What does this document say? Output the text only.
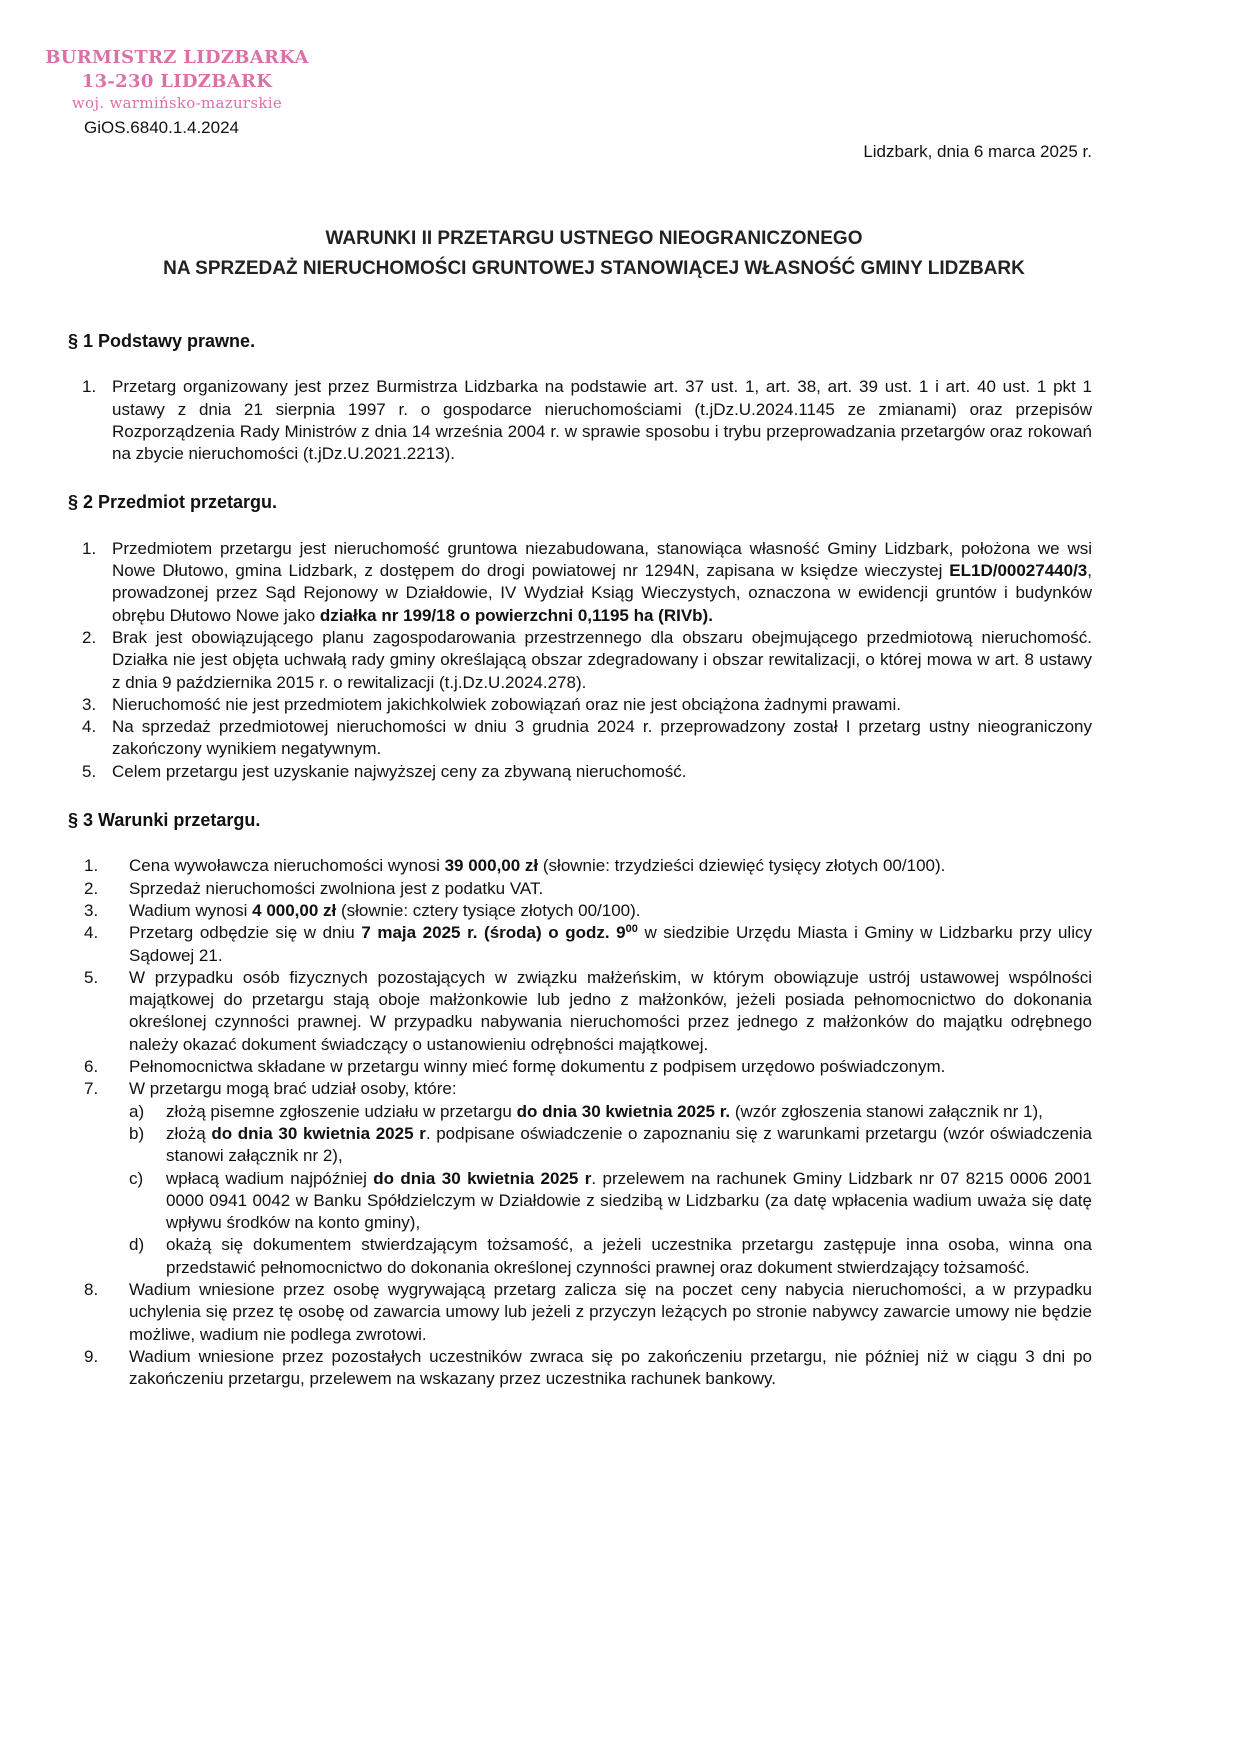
BURMISTRZ LIDZBARKA
13-230 LIDZBARK
woj. warmińsko-mazurskie
GiOS.6840.1.4.2024
Lidzbark, dnia 6 marca 2025 r.
WARUNKI II PRZETARGU USTNEGO NIEOGRANICZONEGO
NA SPRZEDAŻ NIERUCHOMOŚCI GRUNTOWEJ STANOWIĄCEJ WŁASNOŚĆ GMINY LIDZBARK
§ 1 Podstawy prawne.
1. Przetarg organizowany jest przez Burmistrza Lidzbarka na podstawie art. 37 ust. 1, art. 38, art. 39 ust. 1 i art. 40 ust. 1 pkt 1 ustawy z dnia 21 sierpnia 1997 r. o gospodarce nieruchomościami (t.jDz.U.2024.1145 ze zmianami) oraz przepisów Rozporządzenia Rady Ministrów z dnia 14 września 2004 r. w sprawie sposobu i trybu przeprowadzania przetargów oraz rokowań na zbycie nieruchomości (t.jDz.U.2021.2213).
§ 2 Przedmiot przetargu.
1. Przedmiotem przetargu jest nieruchomość gruntowa niezabudowana, stanowiąca własność Gminy Lidzbark, położona we wsi Nowe Dłutowo, gmina Lidzbark, z dostępem do drogi powiatowej nr 1294N, zapisana w księdze wieczystej EL1D/00027440/3, prowadzonej przez Sąd Rejonowy w Działdowie, IV Wydział Ksiąg Wieczystych, oznaczona w ewidencji gruntów i budynków obrębu Dłutowo Nowe jako działka nr 199/18 o powierzchni 0,1195 ha (RIVb).
2. Brak jest obowiązującego planu zagospodarowania przestrzennego dla obszaru obejmującego przedmiotową nieruchomość. Działka nie jest objęta uchwałą rady gminy określającą obszar zdegradowany i obszar rewitalizacji, o której mowa w art. 8 ustawy z dnia 9 października 2015 r. o rewitalizacji (t.j.Dz.U.2024.278).
3. Nieruchomość nie jest przedmiotem jakichkolwiek zobowiązań oraz nie jest obciążona żadnymi prawami.
4. Na sprzedaż przedmiotowej nieruchomości w dniu 3 grudnia 2024 r. przeprowadzony został I przetarg ustny nieograniczony zakończony wynikiem negatywnym.
5. Celem przetargu jest uzyskanie najwyższej ceny za zbywaną nieruchomość.
§ 3 Warunki przetargu.
1. Cena wywoławcza nieruchomości wynosi 39 000,00 zł (słownie: trzydzieści dziewięć tysięcy złotych 00/100).
2. Sprzedaż nieruchomości zwolniona jest z podatku VAT.
3. Wadium wynosi 4 000,00 zł (słownie: cztery tysiące złotych 00/100).
4. Przetarg odbędzie się w dniu 7 maja 2025 r. (środa) o godz. $9^{00}$ w siedzibie Urzędu Miasta i Gminy w Lidzbarku przy ulicy Sądowej 21.
5. W przypadku osób fizycznych pozostających w związku małżeńskim, w którym obowiązuje ustrój ustawowej wspólności majątkowej do przetargu stają oboje małżonkowie lub jedno z małżonków, jeżeli posiada pełnomocnictwo do dokonania określonej czynności prawnej. W przypadku nabywania nieruchomości przez jednego z małżonków do majątku odrębnego należy okazać dokument świadczący o ustanowieniu odrębności majątkowej.
6. Pełnomocnictwa składane w przetargu winny mieć formę dokumentu z podpisem urzędowo poświadczonym.
7. W przetargu mogą brać udział osoby, które:
a) złożą pisemne zgłoszenie udziału w przetargu do dnia 30 kwietnia 2025 r. (wzór zgłoszenia stanowi załącznik nr 1),
b) złożą do dnia 30 kwietnia 2025 r. podpisane oświadczenie o zapoznaniu się z warunkami przetargu (wzór oświadczenia stanowi załącznik nr 2),
c) wpłacą wadium najpóźniej do dnia 30 kwietnia 2025 r. przelewem na rachunek Gminy Lidzbark nr 07 8215 0006 2001 0000 0941 0042 w Banku Spółdzielczym w Działdowie z siedzibą w Lidzbarku (za datę wpłacenia wadium uważa się datę wpływu środków na konto gminy),
d) okażą się dokumentem stwierdzającym tożsamość, a jeżeli uczestnika przetargu zastępuje inna osoba, winna ona przedstawić pełnomocnictwo do dokonania określonej czynności prawnej oraz dokument stwierdzający tożsamość.
8. Wadium wniesione przez osobę wygrywającą przetarg zalicza się na poczet ceny nabycia nieruchomości, a w przypadku uchylenia się przez tę osobę od zawarcia umowy lub jeżeli z przyczyn leżących po stronie nabywcy zawarcie umowy nie będzie możliwe, wadium nie podlega zwrotowi.
9. Wadium wniesione przez pozostałych uczestników zwraca się po zakończeniu przetargu, nie później niż w ciągu 3 dni po zakończeniu przetargu, przelewem na wskazany przez uczestnika rachunek bankowy.
